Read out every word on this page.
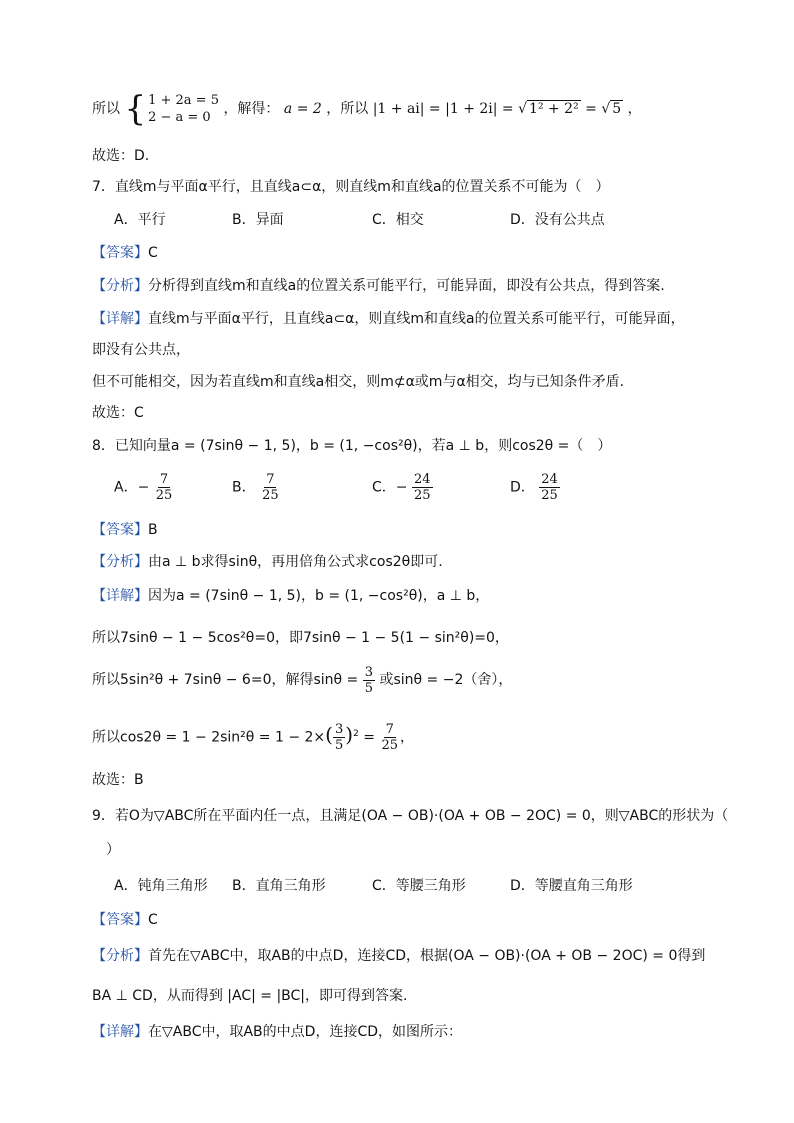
所以 { 1 + 2a = 5
2 − a = 0
，解得： a = 2 ，所以 |1 + ai| = |1 + 2i| = √ 1² + 2² = √ 5 ，
故选：D.
7．直线m与平面α平行，且直线a⊂α，则直线m和直线a的位置关系不可能为（　）
A．平行	B．异面	C．相交	D．没有公共点
【答案】C
【分析】分析得到直线m和直线a的位置关系可能平行，可能异面，即没有公共点，得到答案.
【详解】直线m与平面α平行，且直线a⊂α，则直线m和直线a的位置关系可能平行，可能异面，
即没有公共点，
但不可能相交，因为若直线m和直线a相交，则m⊄α或m与α相交，均与已知条件矛盾.
故选：C
8．已知向量a = (7sinθ − 1, 5)，b = (1, −cos²θ)，若a ⊥ b，则cos2θ =（　）
A．− $\frac{7}{25}$	B． $\frac{7}{25}$	C．− $\frac{24}{25}$	D． $\frac{24}{25}$
【答案】B
【分析】由a ⊥ b求得sinθ，再用倍角公式求cos2θ即可.
【详解】因为a = (7sinθ − 1, 5)，b = (1, −cos²θ)，a ⊥ b，
所以7sinθ − 1 − 5cos²θ=0，即7sinθ − 1 − 5(1 − sin²θ)=0，
所以5sin²θ + 7sinθ − 6=0，解得$\sin\theta = \frac{3}{5}$ 或sinθ = −2（舍），
所以$\cos 2\theta = 1 - 2\sin^2\theta = 1 - 2\times( \frac{3}{5} )^2 = \frac{7}{25}$ ，
故选：B
9．若O为▽ABC所在平面内任一点，且满足(OA − OB)·(OA + OB − 2OC) = 0，则▽ABC的形状为（
　）
A．钝角三角形 B．直角三角形	C．等腰三角形	D．等腰直角三角形
【答案】C
【分析】首先在▽ABC中，取AB的中点D，连接CD，根据(OA − OB)·(OA + OB − 2OC) = 0得到
BA ⊥ CD，从而得到 |AC| = |BC|，即可得到答案.
【详解】在▽ABC中，取AB的中点D，连接CD，如图所示：
